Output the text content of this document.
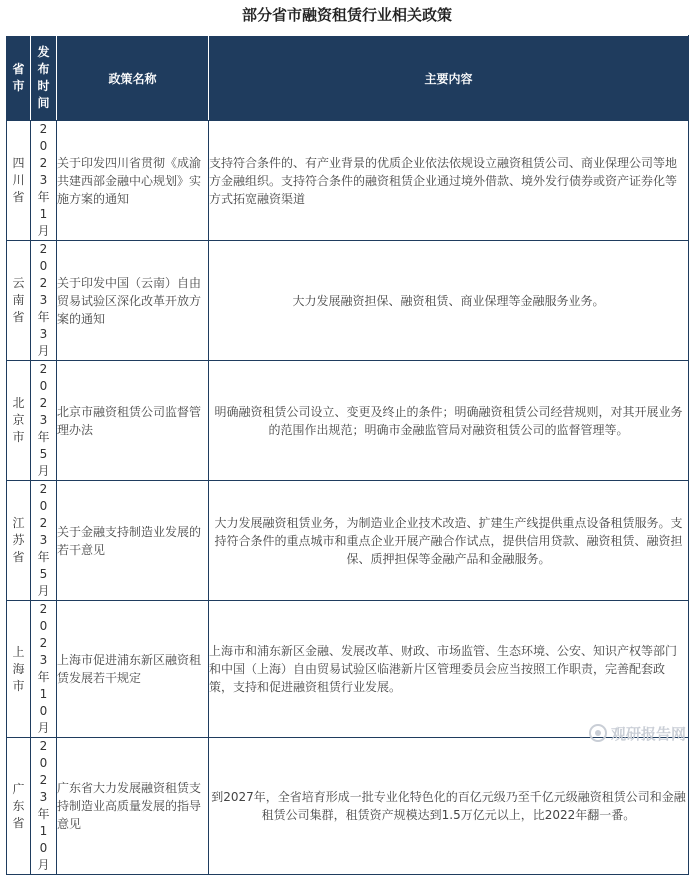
部分省市融资租赁行业相关政策
省市	发布时间	政策名称	主要内容

四川省	2023年1月	关于印发四川省贯彻《成渝共建西部金融中心规划》实施方案的通知	支持符合条件的、有产业背景的优质企业依法依规设立融资租赁公司、商业保理公司等地方金融组织。支持符合条件的融资租赁企业通过境外借款、境外发行债券或资产证券化等方式拓宽融资渠道

云南省	2023年3月	关于印发中国（云南）自由贸易试验区深化改革开放方案的通知	大力发展融资担保、融资租赁、商业保理等金融服务业务。

北京市	2023年5月	北京市融资租赁公司监督管理办法	明确融资租赁公司设立、变更及终止的条件；明确融资租赁公司经营规则，对其开展业务的范围作出规范；明确市金融监管局对融资租赁公司的监督管理等。

江苏省	2023年5月	关于金融支持制造业发展的若干意见	大力发展融资租赁业务，为制造业企业技术改造、扩建生产线提供重点设备租赁服务。支持符合条件的重点城市和重点企业开展产融合作试点，提供信用贷款、融资租赁、融资担保、质押担保等金融产品和金融服务。

上海市	2023年10月	上海市促进浦东新区融资租赁发展若干规定	上海市和浦东新区金融、发展改革、财政、市场监管、生态环境、公安、知识产权等部门和中国（上海）自由贸易试验区临港新片区管理委员会应当按照工作职责，完善配套政策，支持和促进融资租赁行业发展。

广东省	2023年10月	广东省大力发展融资租赁支持制造业高质量发展的指导意见	到2027年，全省培育形成一批专业化特色化的百亿元级乃至千亿元级融资租赁公司和金融租赁公司集群，租赁资产规模达到1.5万亿元以上，比2022年翻一番。
观研报告网
